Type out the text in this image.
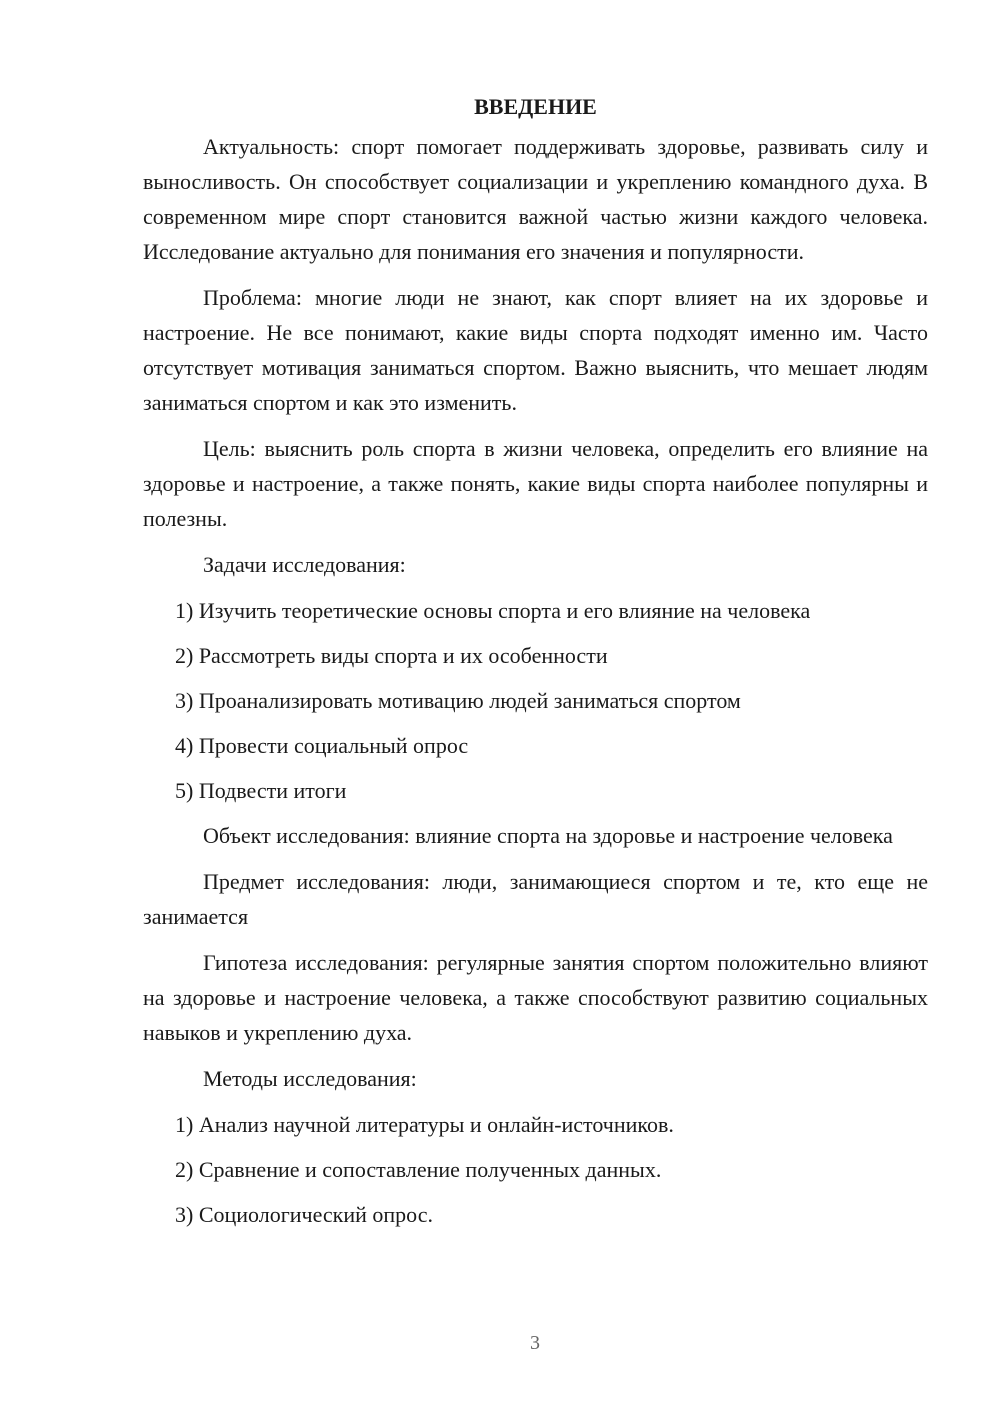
ВВЕДЕНИЕ

Актуальность: спорт помогает поддерживать здоровье, развивать силу и выносливость. Он способствует социализации и укреплению командного духа. В современном мире спорт становится важной частью жизни каждого человека. Исследование актуально для понимания его значения и популярности.

Проблема: многие люди не знают, как спорт влияет на их здоровье и настроение. Не все понимают, какие виды спорта подходят именно им. Часто отсутствует мотивация заниматься спортом. Важно выяснить, что мешает людям заниматься спортом и как это изменить.

Цель: выяснить роль спорта в жизни человека, определить его влияние на здоровье и настроение, а также понять, какие виды спорта наиболее популярны и полезны.

Задачи исследования:

1) Изучить теоретические основы спорта и его влияние на человека
2) Рассмотреть виды спорта и их особенности
3) Проанализировать мотивацию людей заниматься спортом
4) Провести социальный опрос
5) Подвести итоги

Объект исследования: влияние спорта на здоровье и настроение человека

Предмет исследования: люди, занимающиеся спортом и те, кто еще не занимается

Гипотеза исследования: регулярные занятия спортом положительно влияют на здоровье и настроение человека, а также способствуют развитию социальных навыков и укреплению духа.

Методы исследования:

1) Анализ научной литературы и онлайн-источников.
2) Сравнение и сопоставление полученных данных.
3) Социологический опрос.
3
